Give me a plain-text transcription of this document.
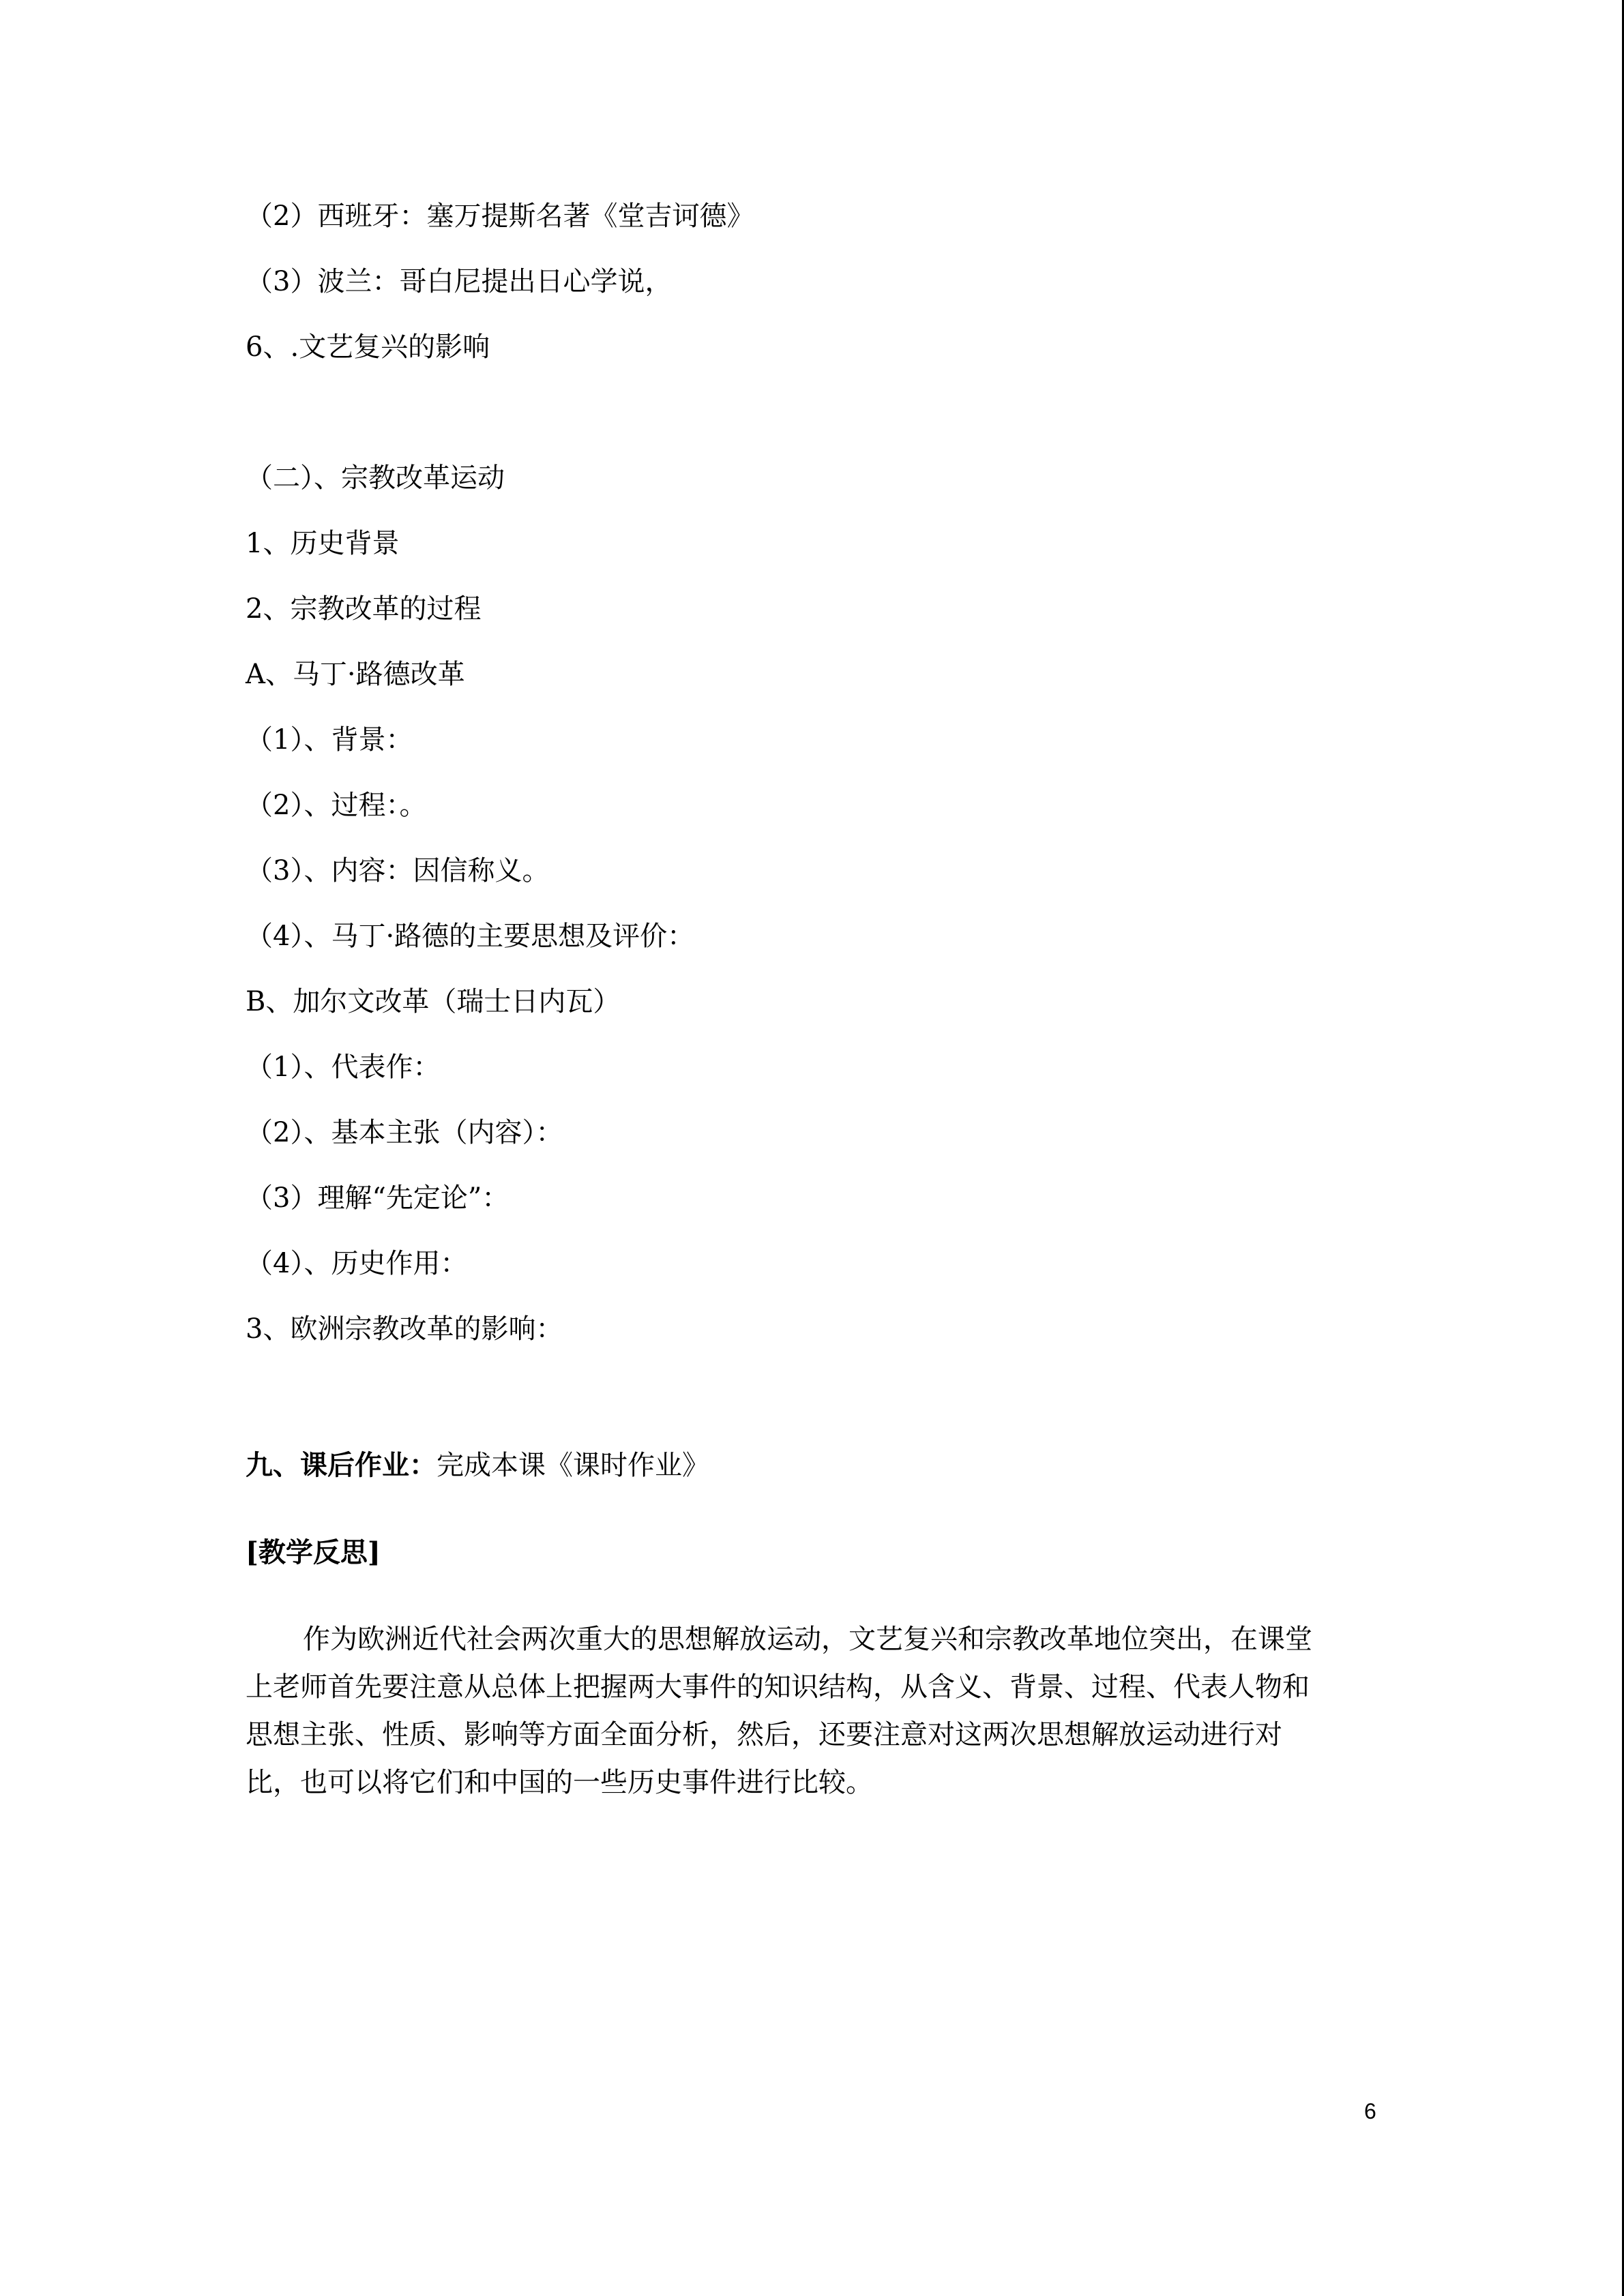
（2）西班牙：塞万提斯名著《堂吉诃德》
（3）波兰：哥白尼提出日心学说，
6、.文艺复兴的影响
（二）、宗教改革运动
1、历史背景
2、宗教改革的过程
A、马丁·路德改革
（1）、背景：
（2）、过程：。
（3）、内容：因信称义。
（4）、马丁·路德的主要思想及评价：
B、加尔文改革（瑞士日内瓦）
（1）、代表作：
（2）、基本主张（内容）：
（3）理解“先定论”：
（4）、历史作用：
3、欧洲宗教改革的影响：
九、课后作业：完成本课《课时作业》
[教学反思]
作为欧洲近代社会两次重大的思想解放运动，文艺复兴和宗教改革地位突出，在课堂
上老师首先要注意从总体上把握两大事件的知识结构，从含义、背景、过程、代表人物和
思想主张、性质、影响等方面全面分析，然后，还要注意对这两次思想解放运动进行对
比，也可以将它们和中国的一些历史事件进行比较。
6
